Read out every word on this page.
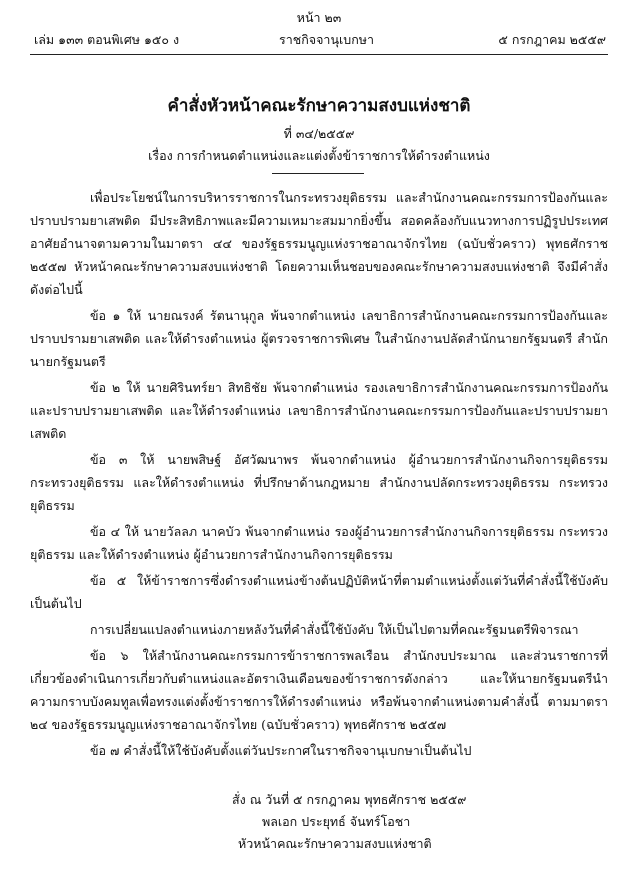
หน้า ๒๓
เล่ม ๑๓๓ ตอนพิเศษ ๑๕๐ ง	ราชกิจจานุเบกษา	๕ กรกฎาคม ๒๕๕๙
คำสั่งหัวหน้าคณะรักษาความสงบแห่งชาติ
ที่ ๓๔/๒๕๕๙
เรื่อง การกำหนดตำแหน่งและแต่งตั้งข้าราชการให้ดำรงตำแหน่ง

เพื่อประโยชน์ในการบริหารราชการในกระทรวงยุติธรรม และสำนักงานคณะกรรมการป้องกันและปราบปรามยาเสพติด มีประสิทธิภาพและมีความเหมาะสมมากยิ่งขึ้น สอดคล้องกับแนวทางการปฏิรูปประเทศ อาศัยอำนาจตามความในมาตรา ๔๔ ของรัฐธรรมนูญแห่งราชอาณาจักรไทย (ฉบับชั่วคราว) พุทธศักราช ๒๕๕๗ หัวหน้าคณะรักษาความสงบแห่งชาติ โดยความเห็นชอบของคณะรักษาความสงบแห่งชาติ จึงมีคำสั่ง ดังต่อไปนี้

ข้อ ๑ ให้ นายณรงค์ รัตนานุกูล พ้นจากตำแหน่ง เลขาธิการสำนักงานคณะกรรมการป้องกันและปราบปรามยาเสพติด และให้ดำรงตำแหน่ง ผู้ตรวจราชการพิเศษ ในสำนักงานปลัดสำนักนายกรัฐมนตรี สำนักนายกรัฐมนตรี

ข้อ ๒ ให้ นายศิรินทร์ยา สิทธิชัย พ้นจากตำแหน่ง รองเลขาธิการสำนักงานคณะกรรมการป้องกันและปราบปรามยาเสพติด และให้ดำรงตำแหน่ง เลขาธิการสำนักงานคณะกรรมการป้องกันและปราบปรามยาเสพติด

ข้อ ๓ ให้ นายพสิษฐ์ อัศวัฒนาพร พ้นจากตำแหน่ง ผู้อำนวยการสำนักงานกิจการยุติธรรม กระทรวงยุติธรรม และให้ดำรงตำแหน่ง ที่ปรึกษาด้านกฎหมาย สำนักงานปลัดกระทรวงยุติธรรม กระทรวงยุติธรรม

ข้อ ๔ ให้ นายวัลลภ นาคบัว พ้นจากตำแหน่ง รองผู้อำนวยการสำนักงานกิจการยุติธรรม กระทรวงยุติธรรม และให้ดำรงตำแหน่ง ผู้อำนวยการสำนักงานกิจการยุติธรรม

ข้อ ๕ ให้ข้าราชการซึ่งดำรงตำแหน่งข้างต้นปฏิบัติหน้าที่ตามตำแหน่งตั้งแต่วันที่คำสั่งนี้ใช้บังคับเป็นต้นไป

การเปลี่ยนแปลงตำแหน่งภายหลังวันที่คำสั่งนี้ใช้บังคับ ให้เป็นไปตามที่คณะรัฐมนตรีพิจารณา

ข้อ ๖ ให้สำนักงานคณะกรรมการข้าราชการพลเรือน สำนักงบประมาณ และส่วนราชการที่เกี่ยวข้องดำเนินการเกี่ยวกับตำแหน่งและอัตราเงินเดือนของข้าราชการดังกล่าว และให้นายกรัฐมนตรีนำความกราบบังคมทูลเพื่อทรงแต่งตั้งข้าราชการให้ดำรงตำแหน่ง หรือพ้นจากตำแหน่งตามคำสั่งนี้ ตามมาตรา ๒๔ ของรัฐธรรมนูญแห่งราชอาณาจักรไทย (ฉบับชั่วคราว) พุทธศักราช ๒๕๕๗

ข้อ ๗ คำสั่งนี้ให้ใช้บังคับตั้งแต่วันประกาศในราชกิจจานุเบกษาเป็นต้นไป

สั่ง ณ วันที่ ๕ กรกฎาคม พุทธศักราช ๒๕๕๙
พลเอก ประยุทธ์ จันทร์โอชา
หัวหน้าคณะรักษาความสงบแห่งชาติ
